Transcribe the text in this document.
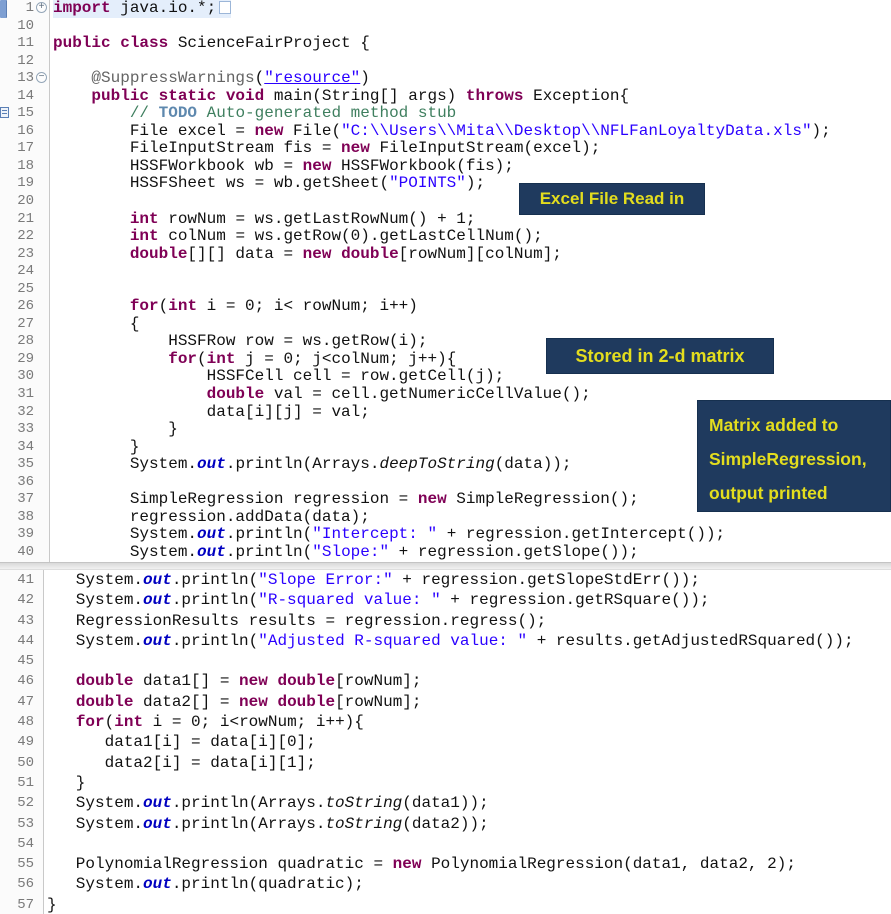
1 + import java.io.*;
10
11 public class ScienceFairProject {
12
13 − @SuppressWarnings("resource")
14	public static void main(String[] args) throws Exception{
15 // TODO Auto-generated method stub
16 File excel = new File("C:\\Users\\Mita\\Desktop\\NFLFanLoyaltyData.xls");
17 FileInputStream fis = new FileInputStream(excel);
18 HSSFWorkbook wb = new HSSFWorkbook(fis);
19 HSSFSheet ws = wb.getSheet("POINTS");
20
21	int rowNum = ws.getLastRowNum() + 1;
22	int colNum = ws.getRow(0).getLastCellNum();
23	double[][] data = new double[rowNum][colNum];
24
25
26	for(int i = 0; i< rowNum; i++)
27 {
28 HSSFRow row = ws.getRow(i);
29	for(int j = 0; j<colNum; j++){
30 HSSFCell cell = row.getCell(j);
31	double val = cell.getNumericCellValue();
32 data[i][j] = val;
33 }
34 }
35 System.out.println(Arrays.deepToString(data));
36
37 SimpleRegression regression = new SimpleRegression();
38 regression.addData(data);
39 System.out.println("Intercept: " + regression.getIntercept());
40 System.out.println("Slope:" + regression.getSlope());
41 System.out.println("Slope Error:" + regression.getSlopeStdErr());
42 System.out.println("R-squared value: " + regression.getRSquare());
43 RegressionResults results = regression.regress();
44 System.out.println("Adjusted R-squared value: " + results.getAdjustedRSquared());
45
46	double data1[] = new double[rowNum];
47	double data2[] = new double[rowNum];
48	for(int i = 0; i<rowNum; i++){
49 data1[i] = data[i][0];
50 data2[i] = data[i][1];
51 }
52 System.out.println(Arrays.toString(data1));
53 System.out.println(Arrays.toString(data2));
54
55 PolynomialRegression quadratic = new PolynomialRegression(data1, data2, 2);
56 System.out.println(quadratic);
57 }
Excel File Read in
Stored in 2-d matrix
Matrix added to
SimpleRegression,
output printed
